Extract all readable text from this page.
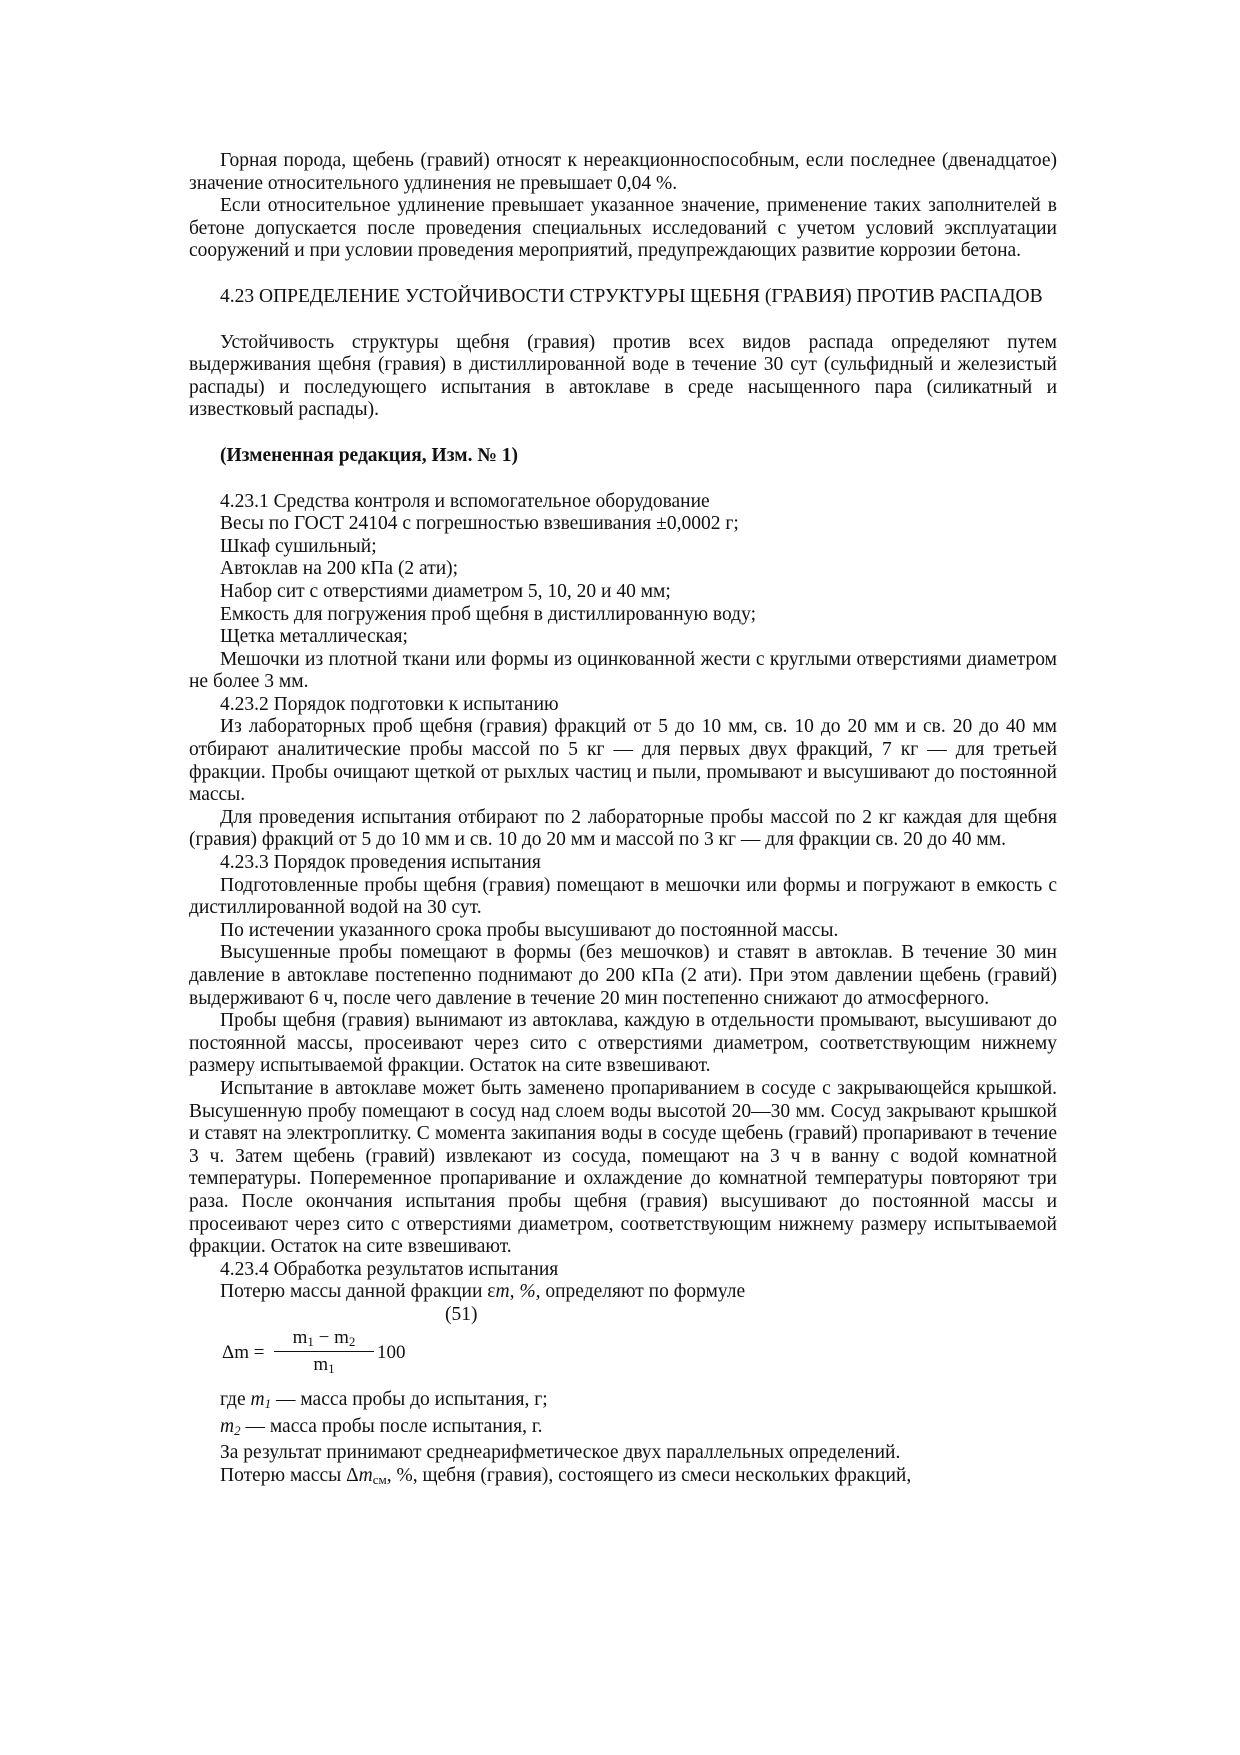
Горная порода, щебень (гравий) относят к нереакционноспособным, если последнее (двенадцатое) значение относительного удлинения не превышает 0,04 %.

Если относительное удлинение превышает указанное значение, применение таких заполнителей в бетоне допускается после проведения специальных исследований с учетом условий эксплуатации сооружений и при условии проведения мероприятий, предупреждающих развитие коррозии бетона.

4.23 ОПРЕДЕЛЕНИЕ УСТОЙЧИВОСТИ СТРУКТУРЫ ЩЕБНЯ (ГРАВИЯ) ПРОТИВ РАСПАДОВ

Устойчивость структуры щебня (гравия) против всех видов распада определяют путем выдерживания щебня (гравия) в дистиллированной воде в течение 30 сут (сульфидный и железистый распады) и последующего испытания в автоклаве в среде насыщенного пара (силикатный и известковый распады).

(Измененная редакция, Изм. № 1)

4.23.1 Средства контроля и вспомогательное оборудование

Весы по ГОСТ 24104 с погрешностью взвешивания ±0,0002 г;

Шкаф сушильный;

Автоклав на 200 кПа (2 ати);

Набор сит с отверстиями диаметром 5, 10, 20 и 40 мм;

Емкость для погружения проб щебня в дистиллированную воду;

Щетка металлическая;

Мешочки из плотной ткани или формы из оцинкованной жести с круглыми отверстиями диаметром не более 3 мм.

4.23.2 Порядок подготовки к испытанию

Из лабораторных проб щебня (гравия) фракций от 5 до 10 мм, св. 10 до 20 мм и св. 20 до 40 мм отбирают аналитические пробы массой по 5 кг — для первых двух фракций, 7 кг — для третьей фракции. Пробы очищают щеткой от рыхлых частиц и пыли, промывают и высушивают до постоянной массы.

Для проведения испытания отбирают по 2 лабораторные пробы массой по 2 кг каждая для щебня (гравия) фракций от 5 до 10 мм и св. 10 до 20 мм и массой по 3 кг — для фракции св. 20 до 40 мм.

4.23.3 Порядок проведения испытания

Подготовленные пробы щебня (гравия) помещают в мешочки или формы и погружают в емкость с дистиллированной водой на 30 сут.

По истечении указанного срока пробы высушивают до постоянной массы.

Высушенные пробы помещают в формы (без мешочков) и ставят в автоклав. В течение 30 мин давление в автоклаве постепенно поднимают до 200 кПа (2 ати). При этом давлении щебень (гравий) выдерживают 6 ч, после чего давление в течение 20 мин постепенно снижают до атмосферного.

Пробы щебня (гравия) вынимают из автоклава, каждую в отдельности промывают, высушивают до постоянной массы, просеивают через сито с отверстиями диаметром, соответствующим нижнему размеру испытываемой фракции. Остаток на сите взвешивают.

Испытание в автоклаве может быть заменено пропариванием в сосуде с закрывающейся крышкой. Высушенную пробу помещают в сосуд над слоем воды высотой 20—30 мм. Сосуд закрывают крышкой и ставят на электроплитку. С момента закипания воды в сосуде щебень (гравий) пропаривают в течение 3 ч. Затем щебень (гравий) извлекают из сосуда, помещают на 3 ч в ванну с водой комнатной температуры. Попеременное пропаривание и охлаждение до комнатной температуры повторяют три раза. После окончания испытания пробы щебня (гравия) высушивают до постоянной массы и просеивают через сито с отверстиями диаметром, соответствующим нижнему размеру испытываемой фракции. Остаток на сите взвешивают.

4.23.4 Обработка результатов испытания

Потерю массы данной фракции εm, %, определяют по формуле

(51)

Δm =
$m_1 - m_2$
$m_1$
100

где $m_1$ — масса пробы до испытания, г;

$m_2$ — масса пробы после испытания, г.

За результат принимают среднеарифметическое двух параллельных определений.

Потерю массы $\Delta m_{см}$, %, щебня (гравия), состоящего из смеси нескольких фракций,
